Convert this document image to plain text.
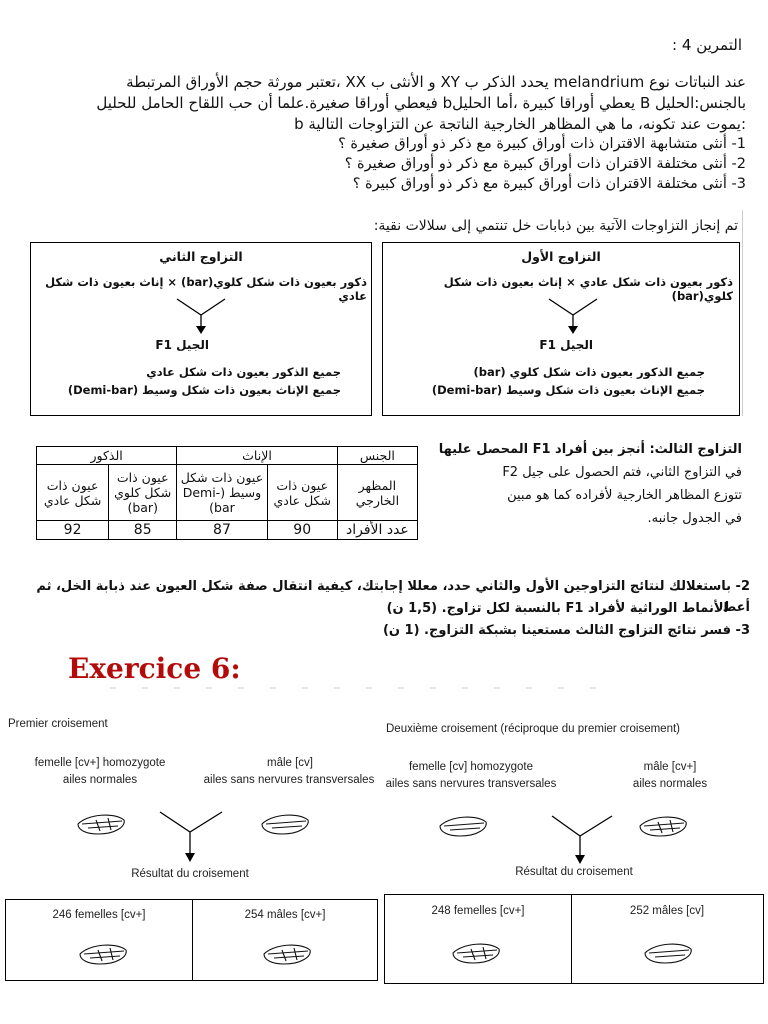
التمرين 4 :
عند النباتات نوع melandrium يحدد الذكر ب XY و الأنثى ب XX ،تعتبر مورثة حجم الأوراق المرتبطة
بالجنس:الحليل B يعطي أوراقا كبيرة ،أما الحليلb فيعطي أوراقا صغيرة.علما أن حب اللقاح الحامل للحليل
b يموت عند تكونه، ما هي المظاهر الخارجية الناتجة عن التزاوجات التالية:
1- أنثى متشابهة الاقتران ذات أوراق كبيرة مع ذكر ذو أوراق صغيرة ؟
2- أنثى مختلفة الاقتران ذات أوراق كبيرة مع ذكر ذو أوراق صغيرة ؟
3- أنثى مختلفة الاقتران ذات أوراق كبيرة مع ذكر ذو أوراق كبيرة ؟
تم إنجاز التزاوجات الآتية بين ذبابات خل تنتمي إلى سلالات نقية:
التزاوج الأول
ذكور بعيون ذات شكل عادي × إناث بعيون ذات شكل كلوي(bar)
الجيل F1
جميع الذكور بعيون ذات شكل كلوي (bar)
جميع الإناث بعيون ذات شكل وسيط (Demi-bar)
التزاوج الثاني
ذكور بعيون ذات شكل كلوي(bar) × إناث بعيون ذات شكل عادي
الجيل F1
جميع الذكور بعيون ذات شكل عادي
جميع الإناث بعيون ذات شكل وسيط (Demi-bar)
التزاوج الثالث: أنجز بين أفراد F1 المحصل عليها
في التزاوج الثاني، فتم الحصول على جيل F2
تتوزع المظاهر الخارجية لأفراده كما هو مبين
في الجدول جانبه.
الجنس	الإناث		الذكور	
المظهر الخارجي	عيون ذات شكل عادي	عيون ذات شكل وسيط (Demi-bar)	عيون ذات شكل كلوي (bar)	عيون ذات شكل عادي
عدد الأفراد	90	87	85	92
2- باستغلالك لنتائج التزاوجين الأول والثاني حدد، معللا إجابتك، كيفية انتقال صفة شكل العيون عند ذبابة الخل، ثم أعط
الأنماط الوراثية لأفراد F1 بالنسبة لكل تزاوج. (1,5 ن)
3- فسر نتائج التزاوج الثالث مستعينا بشبكة التزاوج. (1 ن)
Exercice 6:
Premier croisement
femelle [cv+] homozygote
ailes normales
mâle [cv]
ailes sans nervures transversales
Résultat du croisement
246 femelles [cv+]	254 mâles [cv+]
Deuxième croisement (réciproque du premier croisement)
femelle [cv] homozygote
ailes sans nervures transversales
mâle [cv+]
ailes normales
Résultat du croisement
248 femelles [cv+]	252 mâles [cv]
